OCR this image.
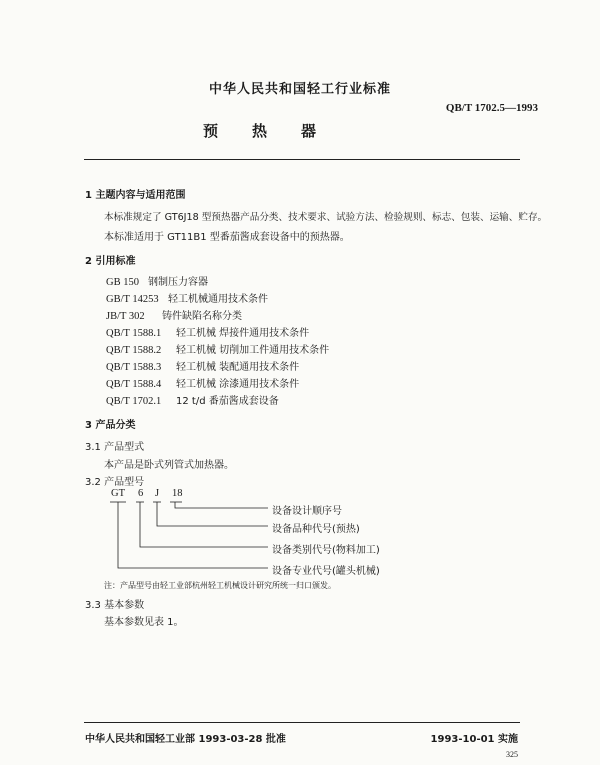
中华人民共和国轻工行业标准
QB/T 1702.5—1993
预热器
1 主题内容与适用范围
本标准规定了 GT6J18 型预热器产品分类、技术要求、试验方法、检验规则、标志、包装、运输、贮存。
本标准适用于 GT11B1 型番茄酱成套设备中的预热器。
2 引用标准
GB 150 钢制压力容器
GB/T 14253 轻工机械通用技术条件
JB/T 302 铸件缺陷名称分类
QB/T 1588.1 轻工机械 焊接件通用技术条件
QB/T 1588.2 轻工机械 切削加工件通用技术条件
QB/T 1588.3 轻工机械 装配通用技术条件
QB/T 1588.4 轻工机械 涂漆通用技术条件
QB/T 1702.1 12 t/d 番茄酱成套设备
3 产品分类
3.1 产品型式
本产品是卧式列管式加热器。
3.2 产品型号
GT 6 J 18
设备设计顺序号
设备品种代号(预热)
设备类别代号(物料加工)
设备专业代号(罐头机械)
注：产品型号由轻工业部杭州轻工机械设计研究所统一归口颁发。
3.3 基本参数
基本参数见表 1。
中华人民共和国轻工业部 1993-03-28 批准	1993-10-01 实施
325
